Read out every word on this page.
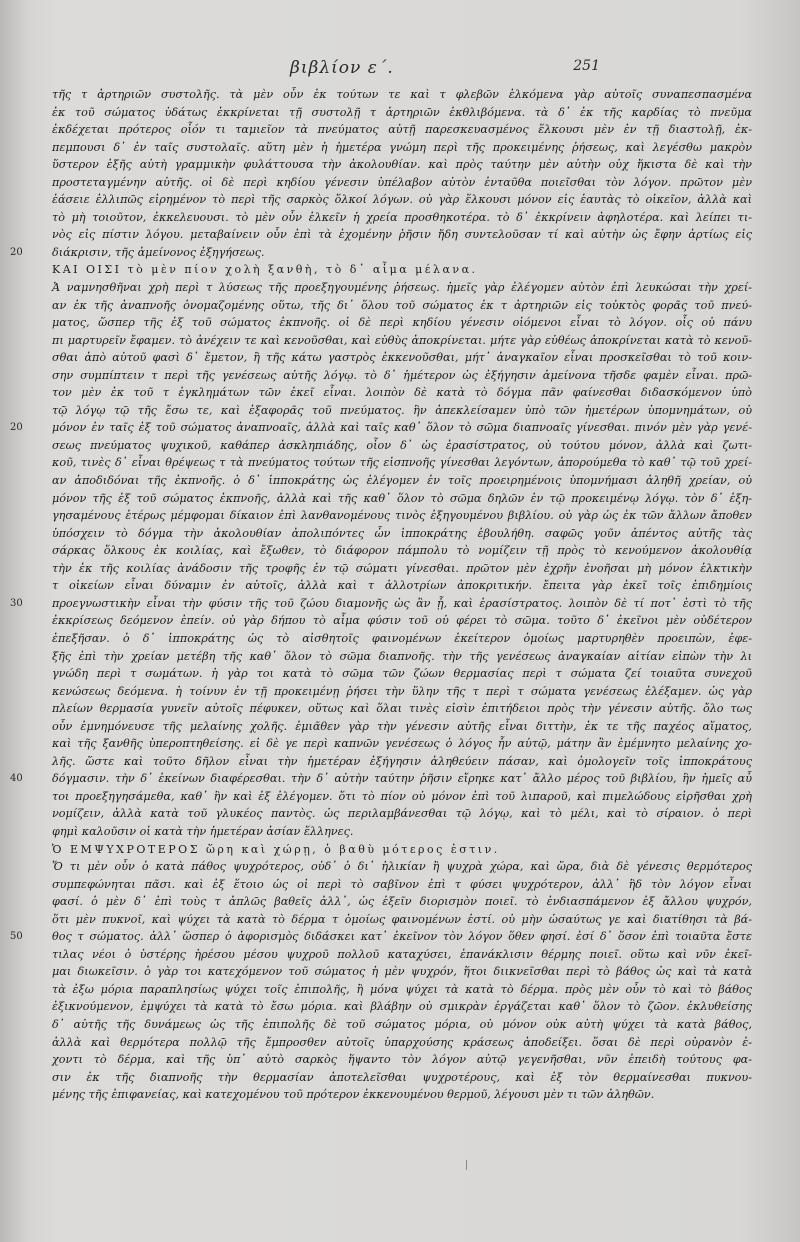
βιβλίον ε΄.	251
τῆς τ ἀρτηριῶν συστολῆς. τὰ μὲν οὖν ἐκ τούτων τε καὶ τ φλεβῶν ἑλκόμενα γὰρ αὐτοῖς συναπεσπασμένα
ἐκ τοῦ σώματος ὑδάτως ἐκκρίνεται τῇ συστολῇ τ ἀρτηριῶν ἐκθλιβόμενα. τὰ δ᾽ ἐκ τῆς καρδίας τὸ πνεῦμα
ἐκδέχεται πρότερος οἷόν τι ταμιεῖον τὰ πνεύματος αὐτῇ παρεσκευασμένος ἕλκουσι μὲν ἐν τῇ διαστολῇ, ἐκ-
πεμπουσι δ᾽ ἐν ταῖς συστολαῖς. αὕτη μὲν ἡ ἡμετέρα γνώμη περὶ τῆς προκειμένης ῥήσεως, καὶ λεγέσθω μακρὸν
ὕστερον ἑξῆς αὐτὴ γραμμικὴν φυλάττουσα τὴν ἀκολουθίαν. καὶ πρὸς ταύτην μὲν αὐτὴν οὐχ ἥκιστα δὲ καὶ τὴν
προστεταγμένην αὐτῆς. οἱ δὲ περὶ κηδίου γένεσιν ὑπέλαβον αὐτὸν ἐνταῦθα ποιεῖσθαι τὸν λόγον. πρῶτον μὲν
ἐάσειε ἐλλιπῶς εἰρημένον τὸ περὶ τῆς σαρκὸς ὅλκοί λόγων. οὐ γὰρ ἕλκουσι μόνον εἰς ἑαυτὰς τὸ οἰκεῖον, ἀλλὰ καὶ
τὸ μὴ τοιοῦτον, ἐκκελευουσι. τὸ μὲν οὖν ἑλκεῖν ἡ χρεία προσθηκοτέρα. τὸ δ᾽ ἐκκρίνειν ἀφηλοτέρα. καὶ λείπει τι-
νὸς εἰς πίστιν λόγου. μεταβαίνειν οὖν ἐπὶ τὰ ἐχομένην ῥῆσιν ἤδη συντελοῦσαν τί καὶ αὐτὴν ὡς ἔφην ἀρτίως εἰς
20	διάκρισιν, τῆς ἀμείνονος ἐξηγήσεως.
ΚΑΙ ΟΙΣΙ τὸ μὲν πίον χολὴ ξανθὴ, τὸ δ᾽ αἷμα μέλανα.
Ἀ ναμνησθῆναι χρὴ περὶ τ λύσεως τῆς προεξηγουμένης ῥήσεως. ἡμεῖς γὰρ ἐλέγομεν αὐτὸν ἐπὶ λευκώσαι τὴν χρεί-
αν ἐκ τῆς ἀναπνοῆς ὀνομαζομένης οὕτω, τῆς δι᾽ ὅλου τοῦ σώματος ἐκ τ ἀρτηριῶν εἰς τοὐκτὸς φορᾶς τοῦ πνεύ-
ματος, ὥσπερ τῆς ἐξ τοῦ σώματος ἐκπνοῆς. οἱ δὲ περὶ κηδίου γένεσιν οἰόμενοι εἶναι τὸ λόγον. οἷς οὐ πάνυ
πι μαρτυρεῖν ἔφαμεν. τὸ ἀνέχειν τε καὶ κενοῦσθαι, καὶ εὐθὺς ἀποκρίνεται. μήτε γὰρ εὐθέως ἀποκρίνεται κατὰ τὸ κενοῦ-
σθαι ἀπὸ αὐτοῦ φασὶ δ᾽ ἔμετον, ἢ τῆς κάτω γαστρὸς ἐκκενοῦσθαι, μήτ᾽ ἀναγκαῖον εἶναι προσκεῖσθαι τὸ τοῦ κοιν-
σην συμπίπτειν τ περὶ τῆς γενέσεως αὐτῆς λόγῳ. τὸ δ᾽ ἡμέτερον ὡς ἐξήγησιν ἀμείνονα τῆσδε φαμὲν εἶναι. πρῶ-
τον μὲν ἐκ τοῦ τ ἐγκλημάτων τῶν ἐκεῖ εἶναι. λοιπὸν δὲ κατὰ τὸ δόγμα πᾶν φαίνεσθαι διδασκόμενον ὑπὸ
τῷ λόγῳ τῷ τῆς ἔσω τε, καὶ ἐξαφορᾶς τοῦ πνεύματος. ἣν ἀπεκλείσαμεν ὑπὸ τῶν ἡμετέρων ὑπομνημάτων, οὐ
20	μόνον ἐν ταῖς ἐξ τοῦ σώματος ἀναπνοαῖς, ἀλλὰ καὶ ταῖς καθ᾽ ὅλον τὸ σῶμα διαπνοαῖς γίνεσθαι. πινόν μὲν γὰρ γενέ-
σεως πνεύματος ψυχικοῦ, καθάπερ ἀσκληπιάδης, οἷον δ᾽ ὡς ἐρασίστρατος, οὐ τούτου μόνον, ἀλλὰ καὶ ζωτι-
κοῦ, τινὲς δ᾽ εἶναι θρέψεως τ τὰ πνεύματος τούτων τῆς εἰσπνοῆς γίνεσθαι λεγόντων, ἀπορούμεθα τὸ καθ᾽ τῷ τοῦ χρεί-
αν ἀποδιδόναι τῆς ἐκπνοῆς. ὁ δ᾽ ἱπποκράτης ὡς ἐλέγομεν ἐν τοῖς προειρημένοις ὑπομνήμασι ἀληθῆ χρείαν, οὐ
μόνον τῆς ἐξ τοῦ σώματος ἐκπνοῆς, ἀλλὰ καὶ τῆς καθ᾽ ὅλον τὸ σῶμα δηλῶν ἐν τῷ προκειμένῳ λόγῳ. τὸν δ᾽ ἐξη-
γησαμένους ἑτέρως μέμφομαι δίκαιον ἐπὶ λανθανομένους τινὸς ἐξηγουμένου βιβλίου. οὐ γὰρ ὡς ἐκ τῶν ἄλλων ἄποθεν
ὑπόσχειν τὸ δόγμα τὴν ἀκολουθίαν ἀπολιπόντες ὧν ἱπποκράτης ἐβουλήθη. σαφῶς γοῦν ἀπέντος αὐτῆς τὰς
σάρκας ὅλκους ἐκ κοιλίας, καὶ ἔξωθεν, τὸ διάφορον πάμπολυ τὸ νομίζειν τῇ πρὸς τὸ κενούμενον ἀκολουθίᾳ
τὴν ἐκ τῆς κοιλίας ἀνάδοσιν τῆς τροφῆς ἐν τῷ σώματι γίνεσθαι. πρῶτον μὲν ἐχρῆν ἐνοῆσαι μὴ μόνον ἑλκτικὴν
τ οἰκείων εἶναι δύναμιν ἐν αὐτοῖς, ἀλλὰ καὶ τ ἀλλοτρίων ἀποκριτικήν. ἔπειτα γὰρ ἐκεῖ τοῖς ἐπιδημίοις
30	προεγνωστικὴν εἶναι τὴν φύσιν τῆς τοῦ ζώου διαμονῆς ὡς ἂν ᾖ, καὶ ἐρασίστρατος. λοιπὸν δὲ τί ποτ᾽ ἐστὶ τὸ τῆς
ἐκκρίσεως δεόμενον ἐπείν. οὐ γὰρ δήπου τὸ αἷμα φύσιν τοῦ οὐ φέρει τὸ σῶμα. τοῦτο δ᾽ ἐκεῖνοι μὲν οὐδέτερον
ἐπεξῆσαν. ὁ δ᾽ ἱπποκράτης ὡς τὸ αἰσθητοῖς φαινομένων ἐκείτερον ὁμοίως μαρτυρηθὲν προειπὼν, ἐφε-
ξῆς ἐπὶ τὴν χρείαν μετέβη τῆς καθ᾽ ὅλον τὸ σῶμα διαπνοῆς. τὴν τῆς γενέσεως ἀναγκαίαν αἰτίαν εἰπὼν τὴν λι
γνώδη περὶ τ σωμάτων. ἡ γὰρ τοι κατὰ τὸ σῶμα τῶν ζώων θερμασίας περὶ τ σώματα ζεί τοιαῦτα συνεχοῦ
κενώσεως δεόμενα. ἡ τοίνυν ἐν τῇ προκειμένῃ ῥήσει τὴν ὕλην τῆς τ περὶ τ σώματα γενέσεως ἐλέξαμεν. ὡς γὰρ
πλείων θερμασία γυνεῖν αὐτοῖς πέφυκεν, οὕτως καὶ ὅλαι τινὲς εἰσὶν ἐπιτήδειοι πρὸς τὴν γένεσιν αὐτῆς. ὄλο τως
οὖν ἐμνημόνευσε τῆς μελαίνης χολῆς. ἐμιᾶθεν γὰρ τὴν γένεσιν αὐτῆς εἶναι διττὴν, ἐκ τε τῆς παχέος αἵματος,
καὶ τῆς ξανθῆς ὑπεροπτηθείσης. εἰ δὲ γε περὶ καπνῶν γενέσεως ὁ λόγος ἦν αὐτῷ, μάτην ἂν ἐμέμνητο μελαίνης χο-
λῆς. ὥστε καὶ τοῦτο δῆλον εἶναι τὴν ἡμετέραν ἐξήγησιν ἀληθεύειν πάσαν, καὶ ὁμολογεῖν τοῖς ἱπποκράτους
40	δόγμασιν. τὴν δ᾽ ἐκείνων διαφέρεσθαι. τὴν δ᾽ αὐτὴν ταύτην ῥῆσιν εἴρηκε κατ᾽ ἄλλο μέρος τοῦ βιβλίου, ἣν ἡμεῖς αὖ
τοι προεξηγησάμεθα, καθ᾽ ἣν καὶ ἐξ ἐλέγομεν. ὅτι τὸ πίον οὐ μόνον ἐπὶ τοῦ λιπαροῦ, καὶ πιμελώδους εἰρῆσθαι χρὴ
νομίζειν, ἀλλὰ κατὰ τοῦ γλυκέος παντὸς. ὡς περιλαμβάνεσθαι τῷ λόγῳ, καὶ τὸ μέλι, καὶ τὸ σίραιον. ὁ περὶ
φημὶ καλοῦσιν οἱ κατὰ τὴν ἡμετέραν ἀσίαν ἕλληνες.
Ὁ ΕΜΨΥΧΡΟΤΕΡΟΣ ὥρη καὶ χώρῃ, ὁ βαθὺ μότερος ἐστιν.
Ὅ τι μὲν οὖν ὁ κατὰ πάθος ψυχρότερος, οὐδ᾽ ὁ δι᾽ ἡλικίαν ἢ ψυχρὰ χώρα, καὶ ὥρα, διὰ δὲ γένεσις θερμότερος
συμπεφώνηται πᾶσι. καὶ ἐξ ἕτοιο ὡς οἱ περὶ τὸ σαβῖνον ἐπὶ τ φύσει ψυχρότερον, ἀλλ᾽ ἣδ τὸν λόγον εἶναι
φασί. ὁ μὲν δ᾽ ἐπὶ τοὺς τ ἀπλῶς βαθεῖς ἀλλ᾽, ὡς ἐξεῖν διορισμὸν ποιεῖ. τὸ ἐνδιασπάμενον ἐξ ἄλλου ψυχρόν,
ὅτι μὲν πυκνοῖ, καὶ ψύχει τὰ κατὰ τὸ δέρμα τ ὁμοίως φαινομένων ἐστί. οὐ μὴν ὡσαύτως γε καὶ διατίθησι τὰ βά-
50	θος τ σώματος. ἀλλ᾽ ὥσπερ ὁ ἀφορισμὸς διδάσκει κατ᾽ ἐκεῖνον τὸν λόγον ὅθεν φησί. ἐσί δ᾽ ὅσον ἐπὶ τοιαῦτα ἔστε
τιλας νέοι ὁ ὑστέρης ἡρέσου μέσου ψυχροῦ πολλοῦ καταχύσει, ἐπανάκλισιν θέρμης ποιεῖ. οὕτω καὶ νῦν ἐκεῖ-
μαι διωκεῖσιν. ὁ γὰρ τοι κατεχόμενον τοῦ σώματος ἡ μὲν ψυχρόν, ἥτοι διικνεῖσθαι περὶ τὸ βάθος ὡς καὶ τὰ κατὰ
τὰ ἐξω μόρια παραπλησίως ψύχει τοῖς ἐπιπολῆς, ἢ μόνα ψύχει τὰ κατὰ τὸ δέρμα. πρὸς μὲν οὖν τὸ καὶ τὸ βάθος
ἐξικνούμενον, ἐμψύχει τὰ κατὰ τὸ ἔσω μόρια. καὶ βλάβην οὐ σμικρὰν ἐργάζεται καθ᾽ ὅλον τὸ ζῶον. ἐκλυθείσης
δ᾽ αὐτῆς τῆς δυνάμεως ὡς τῆς ἐπιπολῆς δὲ τοῦ σώματος μόρια, οὐ μόνον οὐκ αὐτὴ ψύχει τὰ κατὰ βάθος,
ἀλλὰ καὶ θερμότερα πολλῷ τῆς ἔμπροσθεν αὐτοῖς ὑπαρχούσης κράσεως ἀποδείξει. ὅσαι δὲ περὶ οὐρανὸν ἐ-
χοντι τὸ δέρμα, καὶ τῆς ὑπ᾽ αὐτὸ σαρκὸς ἥψαντο τὸν λόγον αὐτῷ γεγενῆσθαι, νῦν ἐπειδὴ τούτους φα-
σιν ἐκ τῆς διαπνοῆς τὴν θερμασίαν ἀποτελεῖσθαι ψυχροτέρους, καὶ ἐξ τὸν θερμαίνεσθαι πυκνου-
μένης τῆς ἐπιφανείας, καὶ κατεχομένου τοῦ πρότερον ἐκκενουμένου θερμοῦ, λέγουσι μὲν τι τῶν ἀληθῶν.
